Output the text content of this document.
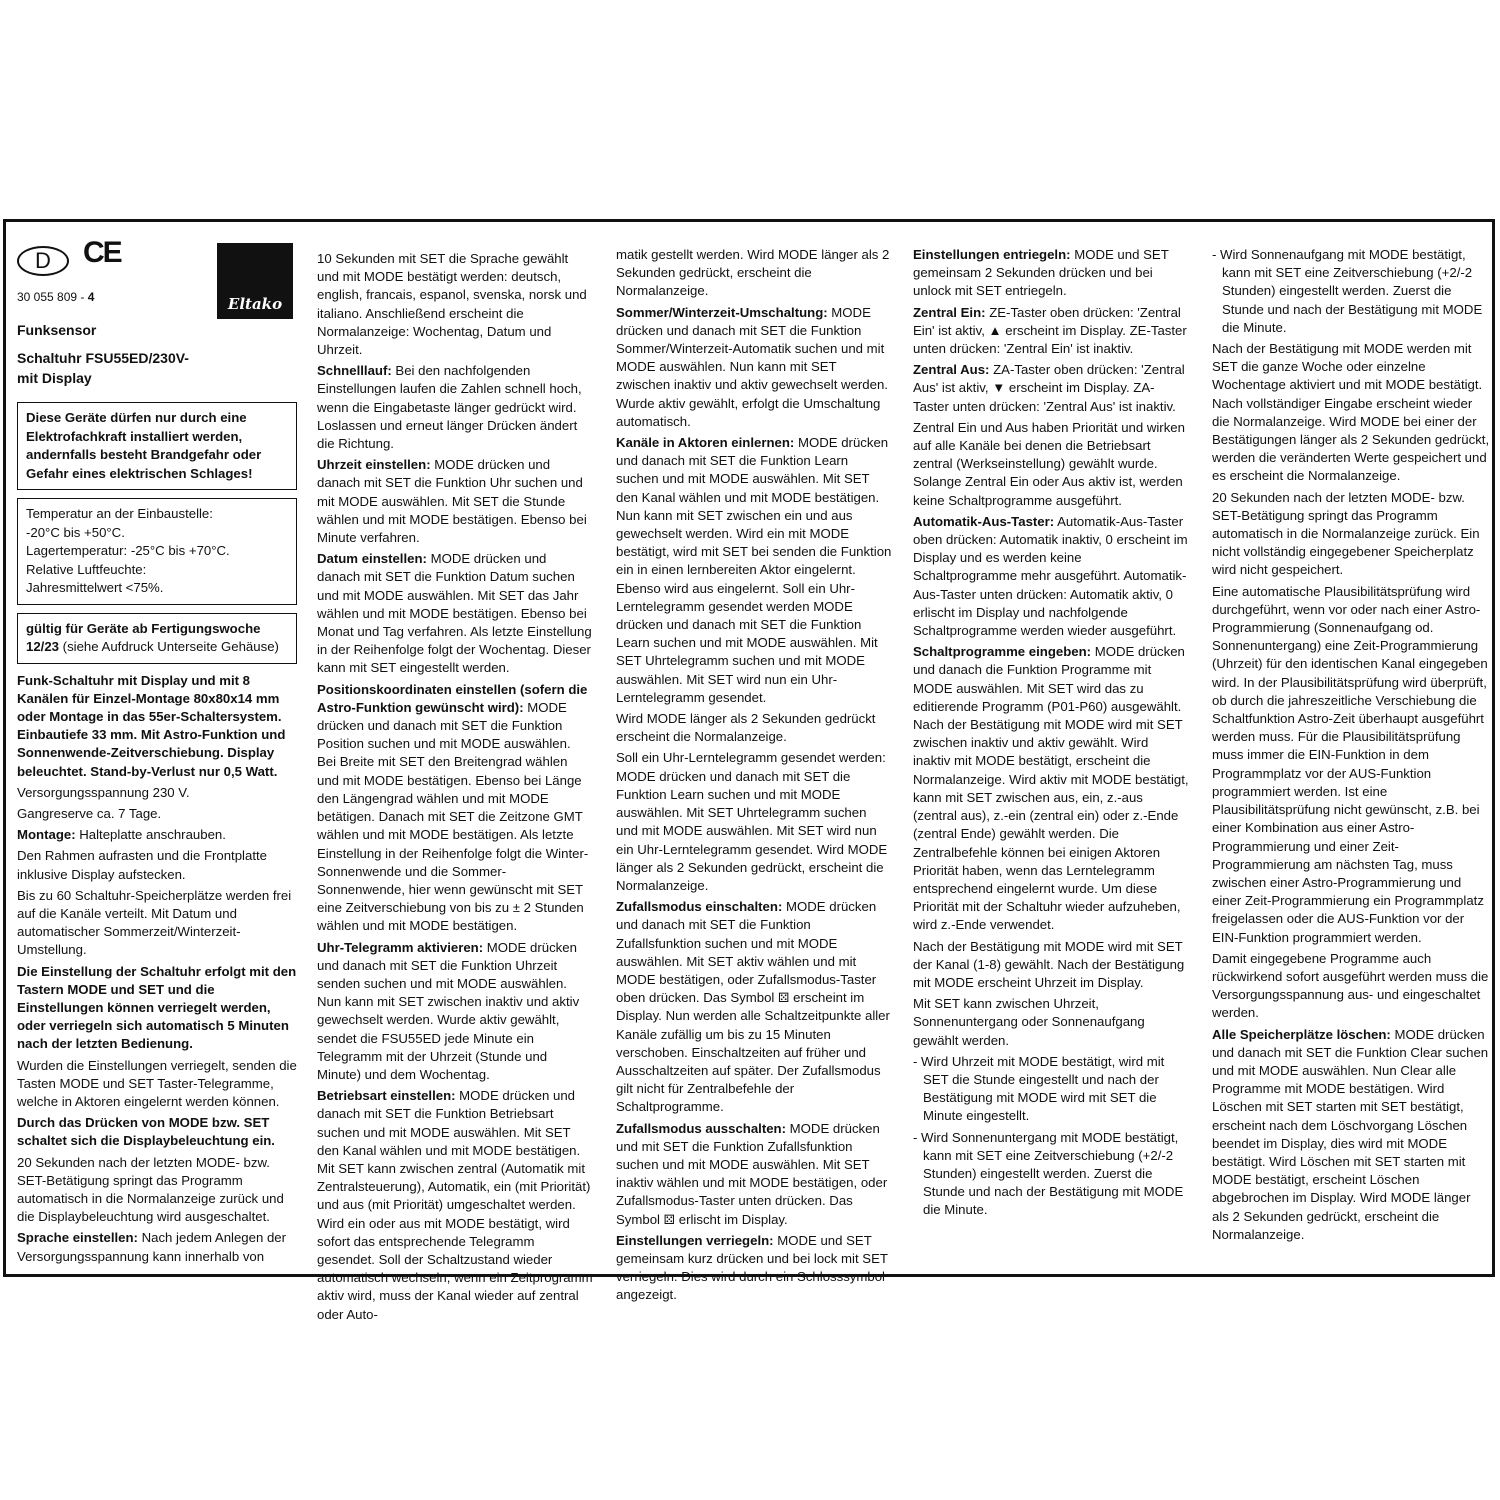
D	CE
30 055 809 - 4	Eltako
Funksensor
Schaltuhr FSU55ED/230V-
mit Display
Diese Geräte dürfen nur durch eine Elektrofachkraft installiert werden, andernfalls besteht Brandgefahr oder Gefahr eines elektrischen Schlages!
Temperatur an der Einbaustelle:
-20°C bis +50°C.
Lagertemperatur: -25°C bis +70°C.
Relative Luftfeuchte:
Jahresmittelwert <75%.
gültig für Geräte ab Fertigungswoche 12/23 (siehe Aufdruck Unterseite Gehäuse)

Funk-Schaltuhr mit Display und mit 8 Kanälen für Einzel-Montage 80x80x14 mm oder Montage in das 55er-Schaltersystem. Einbautiefe 33 mm. Mit Astro-Funktion und Sonnenwende-Zeitverschiebung. Display beleuchtet. Stand-by-Verlust nur 0,5 Watt.

Versorgungsspannung 230 V.

Gangreserve ca. 7 Tage.

Montage: Halteplatte anschrauben.

Den Rahmen aufrasten und die Frontplatte inklusive Display aufstecken.

Bis zu 60 Schaltuhr-Speicherplätze werden frei auf die Kanäle verteilt. Mit Datum und automatischer Sommerzeit/Winterzeit-Umstellung.

Die Einstellung der Schaltuhr erfolgt mit den Tastern MODE und SET und die Einstellungen können verriegelt werden, oder verriegeln sich automatisch 5 Minuten nach der letzten Bedienung.

Wurden die Einstellungen verriegelt, senden die Tasten MODE und SET Taster-Telegramme, welche in Aktoren eingelernt werden können.

Durch das Drücken von MODE bzw. SET schaltet sich die Displaybeleuchtung ein.

20 Sekunden nach der letzten MODE- bzw. SET-Betätigung springt das Programm automatisch in die Normalanzeige zurück und die Displaybeleuchtung wird ausgeschaltet.

Sprache einstellen: Nach jedem Anlegen der Versorgungsspannung kann innerhalb von

10 Sekunden mit SET die Sprache gewählt und mit MODE bestätigt werden: deutsch, english, francais, espanol, svenska, norsk und italiano. Anschließend erscheint die Normalanzeige: Wochentag, Datum und Uhrzeit.

Schnelllauf: Bei den nachfolgenden Einstellungen laufen die Zahlen schnell hoch, wenn die Eingabetaste länger gedrückt wird. Loslassen und erneut länger Drücken ändert die Richtung.

Uhrzeit einstellen: MODE drücken und danach mit SET die Funktion Uhr suchen und mit MODE auswählen. Mit SET die Stunde wählen und mit MODE bestätigen. Ebenso bei Minute verfahren.

Datum einstellen: MODE drücken und danach mit SET die Funktion Datum suchen und mit MODE auswählen. Mit SET das Jahr wählen und mit MODE bestätigen. Ebenso bei Monat und Tag verfahren. Als letzte Einstellung in der Reihenfolge folgt der Wochentag. Dieser kann mit SET eingestellt werden.

Positionskoordinaten einstellen (sofern die Astro-Funktion gewünscht wird): MODE drücken und danach mit SET die Funktion Position suchen und mit MODE auswählen. Bei Breite mit SET den Breitengrad wählen und mit MODE bestätigen. Ebenso bei Länge den Längengrad wählen und mit MODE betätigen. Danach mit SET die Zeitzone GMT wählen und mit MODE bestätigen. Als letzte Einstellung in der Reihenfolge folgt die Winter-Sonnenwende und die Sommer-Sonnenwende, hier wenn gewünscht mit SET eine Zeitverschiebung von bis zu ± 2 Stunden wählen und mit MODE bestätigen.

Uhr-Telegramm aktivieren: MODE drücken und danach mit SET die Funktion Uhrzeit senden suchen und mit MODE auswählen. Nun kann mit SET zwischen inaktiv und aktiv gewechselt werden. Wurde aktiv gewählt, sendet die FSU55ED jede Minute ein Telegramm mit der Uhrzeit (Stunde und Minute) und dem Wochentag.

Betriebsart einstellen: MODE drücken und danach mit SET die Funktion Betriebsart suchen und mit MODE auswählen. Mit SET den Kanal wählen und mit MODE bestätigen. Mit SET kann zwischen zentral (Automatik mit Zentralsteuerung), Automatik, ein (mit Priorität) und aus (mit Priorität) umgeschaltet werden. Wird ein oder aus mit MODE bestätigt, wird sofort das entsprechende Telegramm gesendet. Soll der Schaltzustand wieder automatisch wechseln, wenn ein Zeitprogramm aktiv wird, muss der Kanal wieder auf zentral oder Auto-

matik gestellt werden. Wird MODE länger als 2 Sekunden gedrückt, erscheint die Normalanzeige.

Sommer/Winterzeit-Umschaltung: MODE drücken und danach mit SET die Funktion Sommer/Winterzeit-Automatik suchen und mit MODE auswählen. Nun kann mit SET zwischen inaktiv und aktiv gewechselt werden. Wurde aktiv gewählt, erfolgt die Umschaltung automatisch.

Kanäle in Aktoren einlernen: MODE drücken und danach mit SET die Funktion Learn suchen und mit MODE auswählen. Mit SET den Kanal wählen und mit MODE bestätigen. Nun kann mit SET zwischen ein und aus gewechselt werden. Wird ein mit MODE bestätigt, wird mit SET bei senden die Funktion ein in einen lernbereiten Aktor eingelernt. Ebenso wird aus eingelernt. Soll ein Uhr-Lerntelegramm gesendet werden MODE drücken und danach mit SET die Funktion Learn suchen und mit MODE auswählen. Mit SET Uhrtelegramm suchen und mit MODE auswählen. Mit SET wird nun ein Uhr-Lerntelegramm gesendet.

Wird MODE länger als 2 Sekunden gedrückt erscheint die Normalanzeige.

Soll ein Uhr-Lerntelegramm gesendet werden: MODE drücken und danach mit SET die Funktion Learn suchen und mit MODE auswählen. Mit SET Uhrtelegramm suchen und mit MODE auswählen. Mit SET wird nun ein Uhr-Lerntelegramm gesendet. Wird MODE länger als 2 Sekunden gedrückt, erscheint die Normalanzeige.

Zufallsmodus einschalten: MODE drücken und danach mit SET die Funktion Zufallsfunktion suchen und mit MODE auswählen. Mit SET aktiv wählen und mit MODE bestätigen, oder Zufallsmodus-Taster oben drücken. Das Symbol ⚄ erscheint im Display. Nun werden alle Schaltzeitpunkte aller Kanäle zufällig um bis zu 15 Minuten verschoben. Einschaltzeiten auf früher und Ausschaltzeiten auf später. Der Zufallsmodus gilt nicht für Zentralbefehle der Schaltprogramme.

Zufallsmodus ausschalten: MODE drücken und mit SET die Funktion Zufallsfunktion suchen und mit MODE auswählen. Mit SET inaktiv wählen und mit MODE bestätigen, oder Zufallsmodus-Taster unten drücken. Das Symbol ⚄ erlischt im Display.

Einstellungen verriegeln: MODE und SET gemeinsam kurz drücken und bei lock mit SET verriegeln. Dies wird durch ein Schlosssymbol angezeigt.

Einstellungen entriegeln: MODE und SET gemeinsam 2 Sekunden drücken und bei unlock mit SET entriegeln.

Zentral Ein: ZE-Taster oben drücken: 'Zentral Ein' ist aktiv, ▲ erscheint im Display. ZE-Taster unten drücken: 'Zentral Ein' ist inaktiv.

Zentral Aus: ZA-Taster oben drücken: 'Zentral Aus' ist aktiv, ▼ erscheint im Display. ZA-Taster unten drücken: 'Zentral Aus' ist inaktiv.

Zentral Ein und Aus haben Priorität und wirken auf alle Kanäle bei denen die Betriebsart zentral (Werkseinstellung) gewählt wurde. Solange Zentral Ein oder Aus aktiv ist, werden keine Schaltprogramme ausgeführt.

Automatik-Aus-Taster: Automatik-Aus-Taster oben drücken: Automatik inaktiv, 0 erscheint im Display und es werden keine Schaltprogramme mehr ausgeführt. Automatik-Aus-Taster unten drücken: Automatik aktiv, 0 erlischt im Display und nachfolgende Schaltprogramme werden wieder ausgeführt.

Schaltprogramme eingeben: MODE drücken und danach die Funktion Programme mit MODE auswählen. Mit SET wird das zu editierende Programm (P01-P60) ausgewählt. Nach der Bestätigung mit MODE wird mit SET zwischen inaktiv und aktiv gewählt. Wird inaktiv mit MODE bestätigt, erscheint die Normalanzeige. Wird aktiv mit MODE bestätigt, kann mit SET zwischen aus, ein, z.-aus (zentral aus), z.-ein (zentral ein) oder z.-Ende (zentral Ende) gewählt werden. Die Zentralbefehle können bei einigen Aktoren Priorität haben, wenn das Lerntelegramm entsprechend eingelernt wurde. Um diese Priorität mit der Schaltuhr wieder aufzuheben, wird z.-Ende verwendet.

Nach der Bestätigung mit MODE wird mit SET der Kanal (1-8) gewählt. Nach der Bestätigung mit MODE erscheint Uhrzeit im Display.

Mit SET kann zwischen Uhrzeit, Sonnenuntergang oder Sonnenaufgang gewählt werden.

- Wird Uhrzeit mit MODE bestätigt, wird mit SET die Stunde eingestellt und nach der Bestätigung mit MODE wird mit SET die Minute eingestellt.

- Wird Sonnenuntergang mit MODE bestätigt, kann mit SET eine Zeitverschiebung (+2/-2 Stunden) eingestellt werden. Zuerst die Stunde und nach der Bestätigung mit MODE die Minute.

- Wird Sonnenaufgang mit MODE bestätigt, kann mit SET eine Zeitverschiebung (+2/-2 Stunden) eingestellt werden. Zuerst die Stunde und nach der Bestätigung mit MODE die Minute.

Nach der Bestätigung mit MODE werden mit SET die ganze Woche oder einzelne Wochentage aktiviert und mit MODE bestätigt. Nach vollständiger Eingabe erscheint wieder die Normalanzeige. Wird MODE bei einer der Bestätigungen länger als 2 Sekunden gedrückt, werden die veränderten Werte gespeichert und es erscheint die Normalanzeige.

20 Sekunden nach der letzten MODE- bzw. SET-Betätigung springt das Programm automatisch in die Normalanzeige zurück. Ein nicht vollständig eingegebener Speicherplatz wird nicht gespeichert.

Eine automatische Plausibilitätsprüfung wird durchgeführt, wenn vor oder nach einer Astro-Programmierung (Sonnenaufgang od. Sonnenuntergang) eine Zeit-Programmierung (Uhrzeit) für den identischen Kanal eingegeben wird. In der Plausibilitätsprüfung wird überprüft, ob durch die jahreszeitliche Verschiebung die Schaltfunktion Astro-Zeit überhaupt ausgeführt werden muss. Für die Plausibilitätsprüfung muss immer die EIN-Funktion in dem Programmplatz vor der AUS-Funktion programmiert werden. Ist eine Plausibilitätsprüfung nicht gewünscht, z.B. bei einer Kombination aus einer Astro-Programmierung und einer Zeit-Programmierung am nächsten Tag, muss zwischen einer Astro-Programmierung und einer Zeit-Programmierung ein Programmplatz freigelassen oder die AUS-Funktion vor der EIN-Funktion programmiert werden.

Damit eingegebene Programme auch rückwirkend sofort ausgeführt werden muss die Versorgungsspannung aus- und eingeschaltet werden.

Alle Speicherplätze löschen: MODE drücken und danach mit SET die Funktion Clear suchen und mit MODE auswählen. Nun Clear alle Programme mit MODE bestätigen. Wird Löschen mit SET starten mit SET bestätigt, erscheint nach dem Löschvorgang Löschen beendet im Display, dies wird mit MODE bestätigt. Wird Löschen mit SET starten mit MODE bestätigt, erscheint Löschen abgebrochen im Display. Wird MODE länger als 2 Sekunden gedrückt, erscheint die Normalanzeige.
